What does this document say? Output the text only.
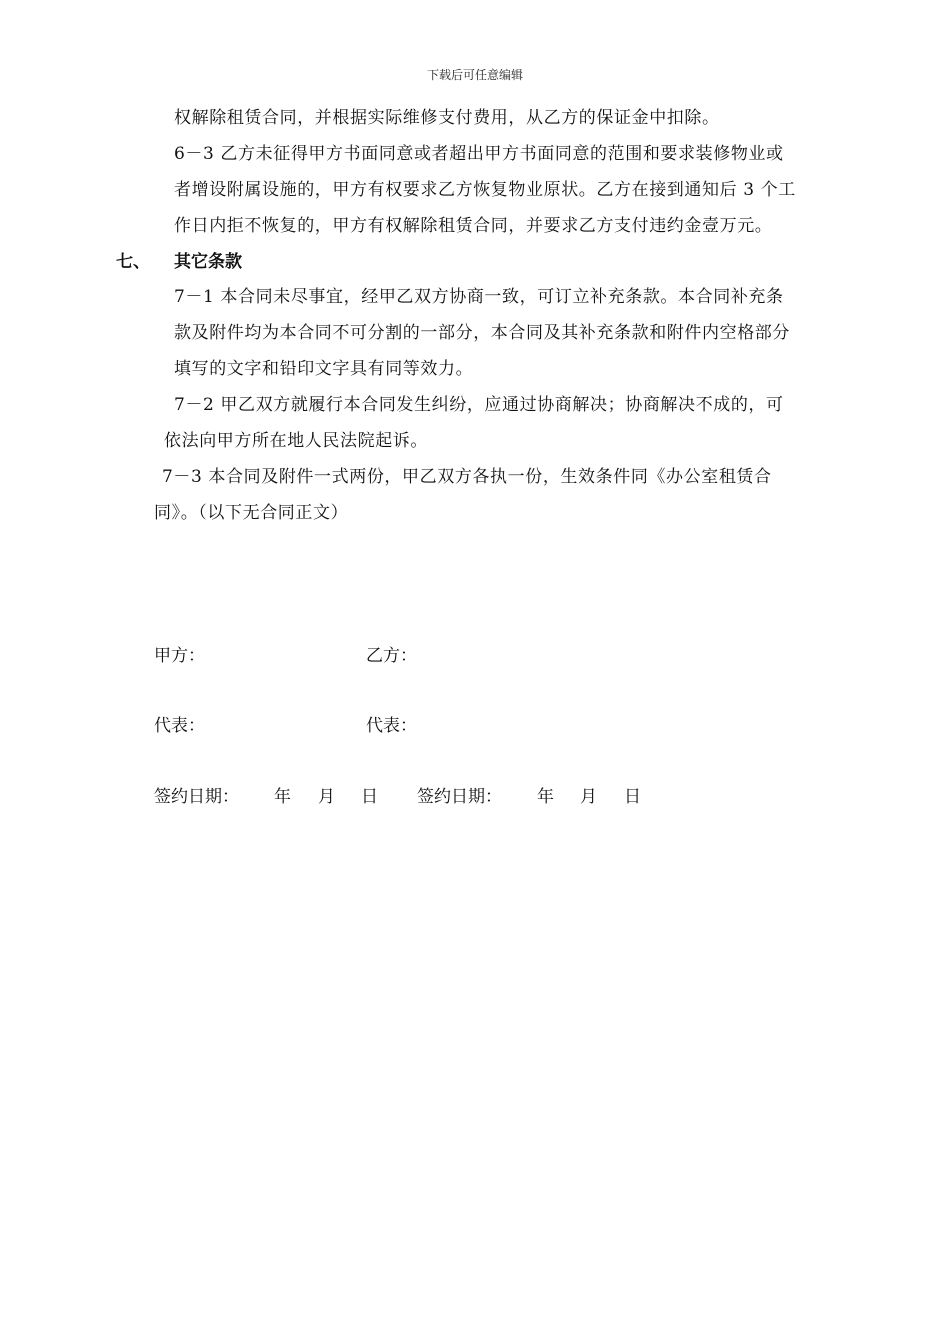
下载后可任意编辑
权解除租赁合同，并根据实际维修支付费用，从乙方的保证金中扣除。
6－3 乙方未征得甲方书面同意或者超出甲方书面同意的范围和要求装修物业或
者增设附属设施的，甲方有权要求乙方恢复物业原状。乙方在接到通知后 3 个工
作日内拒不恢复的，甲方有权解除租赁合同，并要求乙方支付违约金壹万元。
七、 其它条款
7－1 本合同未尽事宜，经甲乙双方协商一致，可订立补充条款。本合同补充条
款及附件均为本合同不可分割的一部分，本合同及其补充条款和附件内空格部分
填写的文字和铅印文字具有同等效力。
7－2 甲乙双方就履行本合同发生纠纷，应通过协商解决；协商解决不成的，可
依法向甲方所在地人民法院起诉。
7－3 本合同及附件一式两份，甲乙双方各执一份，生效条件同《办公室租赁合
同》。（以下无合同正文）
甲方：	乙方：
代表：	代表：
签约日期： 年 月 日 签约日期： 年 月 日
